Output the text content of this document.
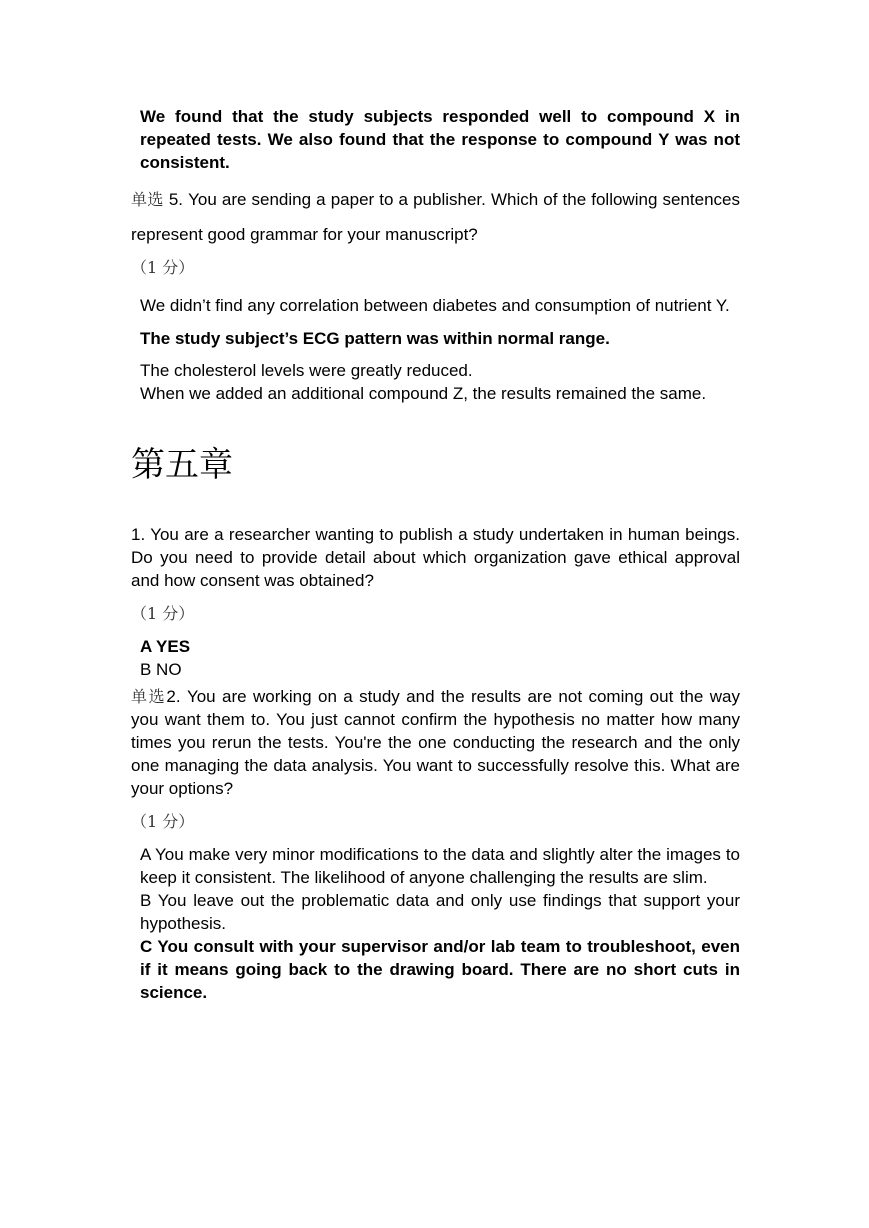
We found that the study subjects responded well to compound X in repeated tests. We also found that the response to compound Y was not consistent.

单选 5. You are sending a paper to a publisher. Which of the following sentences represent good grammar for your manuscript?

（1 分）

We didn’t find any correlation between diabetes and consumption of nutrient Y.

The study subject’s ECG pattern was within normal range.

The cholesterol levels were greatly reduced.

When we added an additional compound Z, the results remained the same.

第五章

1. You are a researcher wanting to publish a study undertaken in human beings. Do you need to provide detail about which organization gave ethical approval and how consent was obtained?

（1 分）

A YES

B NO

单选2. You are working on a study and the results are not coming out the way you want them to. You just cannot confirm the hypothesis no matter how many times you rerun the tests. You're the one conducting the research and the only one managing the data analysis. You want to successfully resolve this. What are your options?

（1 分）

A You make very minor modifications to the data and slightly alter the images to keep it consistent. The likelihood of anyone challenging the results are slim.

B You leave out the problematic data and only use findings that support your hypothesis.

C You consult with your supervisor and/or lab team to troubleshoot, even if it means going back to the drawing board. There are no short cuts in science.
